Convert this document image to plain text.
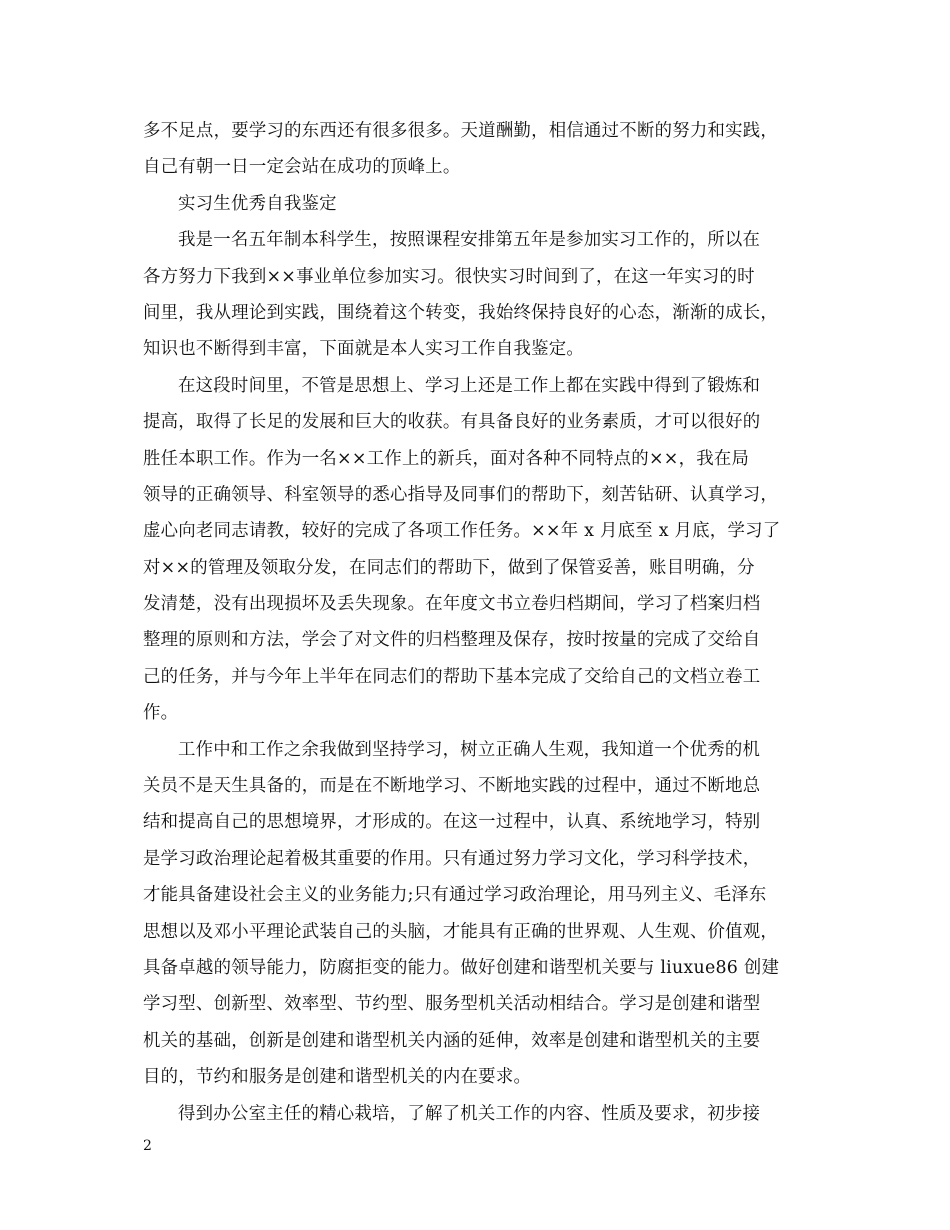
多不足点，要学习的东西还有很多很多。天道酬勤，相信通过不断的努力和实践，
自己有朝一日一定会站在成功的顶峰上。
实习生优秀自我鉴定
我是一名五年制本科学生，按照课程安排第五年是参加实习工作的，所以在
各方努力下我到××事业单位参加实习。很快实习时间到了，在这一年实习的时
间里，我从理论到实践，围绕着这个转变，我始终保持良好的心态，渐渐的成长，
知识也不断得到丰富，下面就是本人实习工作自我鉴定。
在这段时间里，不管是思想上、学习上还是工作上都在实践中得到了锻炼和
提高，取得了长足的发展和巨大的收获。有具备良好的业务素质，才可以很好的
胜任本职工作。作为一名××工作上的新兵，面对各种不同特点的××，我在局
领导的正确领导、科室领导的悉心指导及同事们的帮助下，刻苦钻研、认真学习，
虚心向老同志请教，较好的完成了各项工作任务。××年 x 月底至 x 月底，学习了
对××的管理及领取分发，在同志们的帮助下，做到了保管妥善，账目明确，分
发清楚，没有出现损坏及丢失现象。在年度文书立卷归档期间，学习了档案归档
整理的原则和方法，学会了对文件的归档整理及保存，按时按量的完成了交给自
己的任务，并与今年上半年在同志们的帮助下基本完成了交给自己的文档立卷工
作。
工作中和工作之余我做到坚持学习，树立正确人生观，我知道一个优秀的机
关员不是天生具备的，而是在不断地学习、不断地实践的过程中，通过不断地总
结和提高自己的思想境界，才形成的。在这一过程中，认真、系统地学习，特别
是学习政治理论起着极其重要的作用。只有通过努力学习文化，学习科学技术，
才能具备建设社会主义的业务能力;只有通过学习政治理论，用马列主义、毛泽东
思想以及邓小平理论武装自己的头脑，才能具有正确的世界观、人生观、价值观，
具备卓越的领导能力，防腐拒变的能力。做好创建和谐型机关要与 liuxue86 创建
学习型、创新型、效率型、节约型、服务型机关活动相结合。学习是创建和谐型
机关的基础，创新是创建和谐型机关内涵的延伸，效率是创建和谐型机关的主要
目的，节约和服务是创建和谐型机关的内在要求。
得到办公室主任的精心栽培，了解了机关工作的内容、性质及要求，初步接
2
